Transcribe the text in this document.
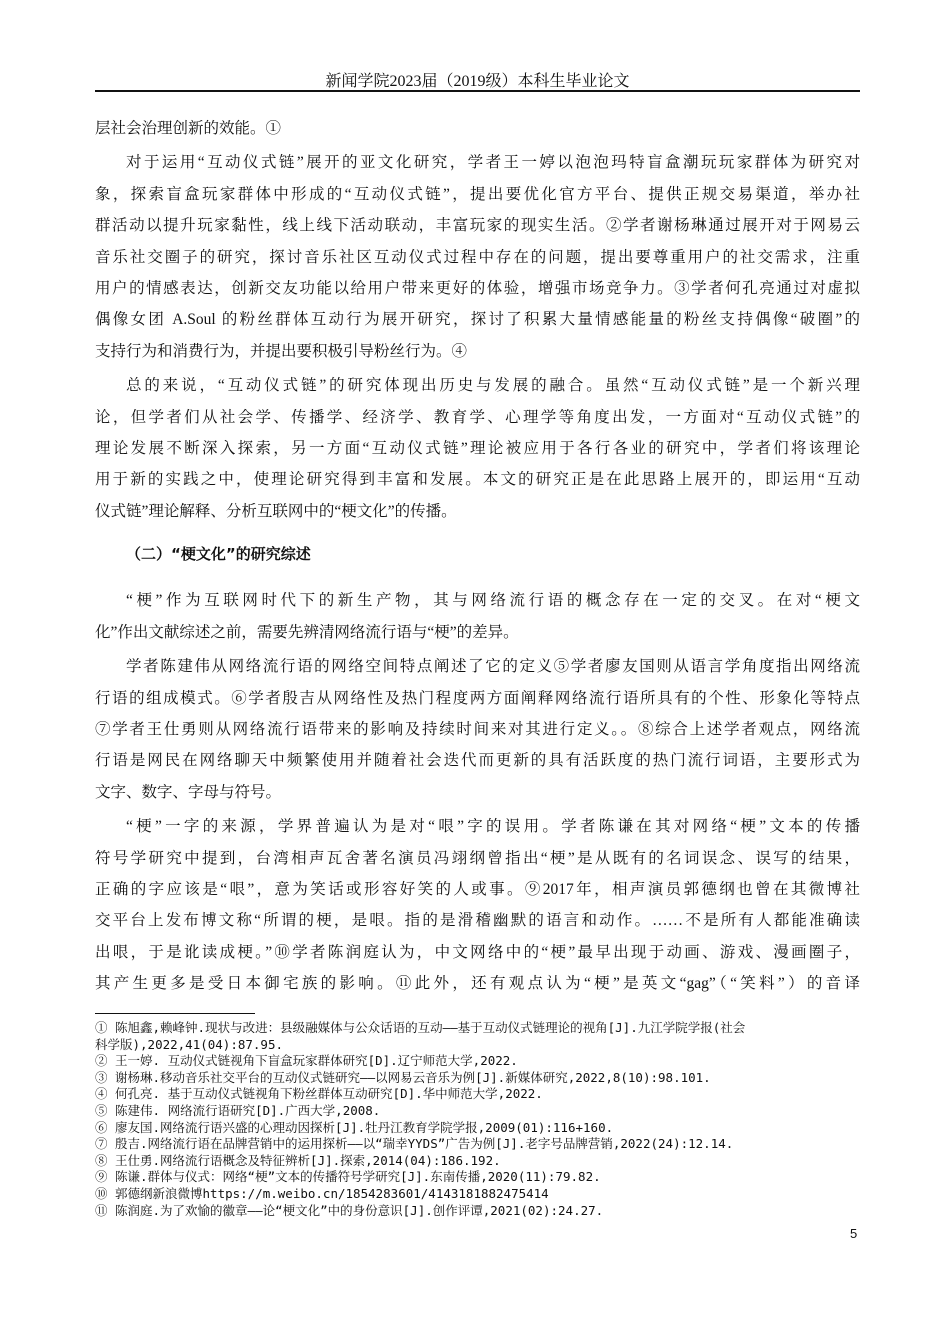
新闻学院2023届（2019级）本科生毕业论文
层社会治理创新的效能。①
对于运用“互动仪式链”展开的亚文化研究，学者王一婷以泡泡玛特盲盒潮玩玩家群体为研究对
象，探索盲盒玩家群体中形成的“互动仪式链”，提出要优化官方平台、提供正规交易渠道，举办社
群活动以提升玩家黏性，线上线下活动联动，丰富玩家的现实生活。②学者谢杨琳通过展开对于网易云
音乐社交圈子的研究，探讨音乐社区互动仪式过程中存在的问题，提出要尊重用户的社交需求，注重
用户的情感表达，创新交友功能以给用户带来更好的体验，增强市场竞争力。③学者何孔亮通过对虚拟
偶像女团 A.Soul 的粉丝群体互动行为展开研究，探讨了积累大量情感能量的粉丝支持偶像“破圈”的
支持行为和消费行为，并提出要积极引导粉丝行为。④
总的来说，“互动仪式链”的研究体现出历史与发展的融合。虽然“互动仪式链”是一个新兴理
论，但学者们从社会学、传播学、经济学、教育学、心理学等角度出发，一方面对“互动仪式链”的
理论发展不断深入探索，另一方面“互动仪式链”理论被应用于各行各业的研究中，学者们将该理论
用于新的实践之中，使理论研究得到丰富和发展。本文的研究正是在此思路上展开的，即运用“互动
仪式链”理论解释、分析互联网中的“梗文化”的传播。
（二）“梗文化”的研究综述
“梗”作为互联网时代下的新生产物，其与网络流行语的概念存在一定的交叉。在对“梗文
化”作出文献综述之前，需要先辨清网络流行语与“梗”的差异。
学者陈建伟从网络流行语的网络空间特点阐述了它的定义⑤学者廖友国则从语言学角度指出网络流
行语的组成模式。⑥学者殷吉从网络性及热门程度两方面阐释网络流行语所具有的个性、形象化等特点
⑦学者王仕勇则从网络流行语带来的影响及持续时间来对其进行定义。。⑧综合上述学者观点，网络流
行语是网民在网络聊天中频繁使用并随着社会迭代而更新的具有活跃度的热门流行词语，主要形式为
文字、数字、字母与符号。
“梗”一字的来源，学界普遍认为是对“哏”字的误用。学者陈谦在其对网络“梗”文本的传播
符号学研究中提到，台湾相声瓦舍著名演员冯翊纲曾指出“梗”是从既有的名词误念、误写的结果，
正确的字应该是“哏”，意为笑话或形容好笑的人或事。⑨2017年，相声演员郭德纲也曾在其微博社
交平台上发布博文称“所谓的梗，是哏。指的是滑稽幽默的语言和动作。……不是所有人都能准确读
出哏，于是讹读成梗。”⑩学者陈润庭认为，中文网络中的“梗”最早出现于动画、游戏、漫画圈子，
其产生更多是受日本御宅族的影响。⑪此外，还有观点认为“梗”是英文“gag”（“笑料”）的音译
① 陈旭鑫,赖峰钟.现状与改进：县级融媒体与公众话语的互动——基于互动仪式链理论的视角[J].九江学院学报(社会
科学版),2022,41(04):87.95.
② 王一婷. 互动仪式链视角下盲盒玩家群体研究[D].辽宁师范大学,2022.
③ 谢杨琳.移动音乐社交平台的互动仪式链研究——以网易云音乐为例[J].新媒体研究,2022,8(10):98.101.
④ 何孔亮. 基于互动仪式链视角下粉丝群体互动研究[D].华中师范大学,2022.
⑤ 陈建伟. 网络流行语研究[D].广西大学,2008.
⑥ 廖友国.网络流行语兴盛的心理动因探析[J].牡丹江教育学院学报,2009(01):116+160.
⑦ 殷吉.网络流行语在品牌营销中的运用探析——以“瑞幸YYDS”广告为例[J].老字号品牌营销,2022(24):12.14.
⑧ 王仕勇.网络流行语概念及特征辨析[J].探索,2014(04):186.192.
⑨ 陈谦.群体与仪式：网络“梗”文本的传播符号学研究[J].东南传播,2020(11):79.82.
⑩ 郭德纲新浪微博https://m.weibo.cn/1854283601/4143181882475414
⑪ 陈润庭.为了欢愉的徽章——论“梗文化”中的身份意识[J].创作评谭,2021(02):24.27.
5
